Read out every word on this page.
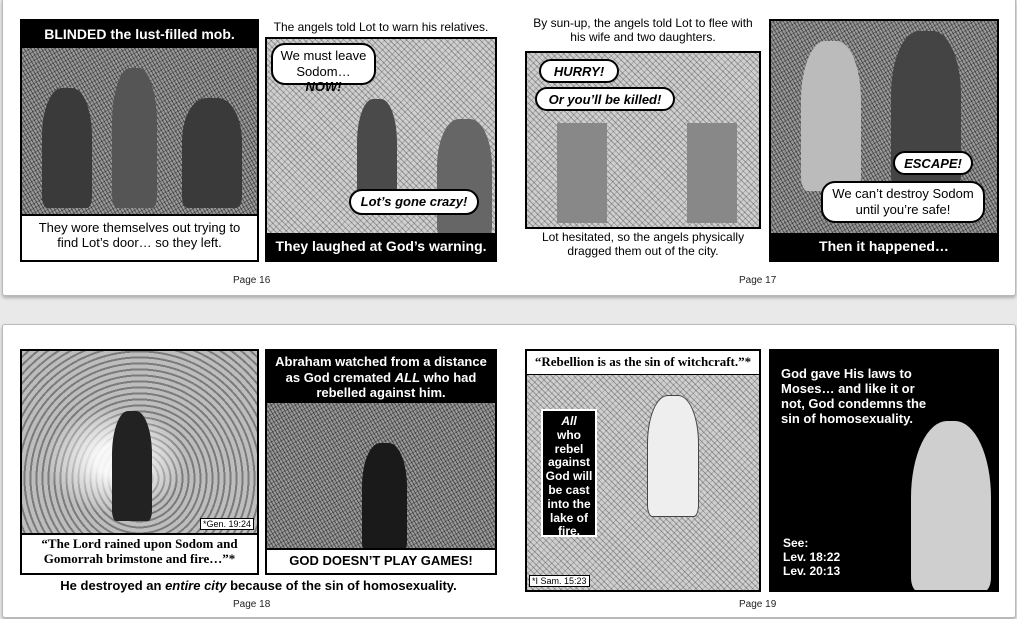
BLINDED the lust-filled mob.
They wore themselves out trying to find Lot’s door… so they left.
The angels told Lot to warn his relatives.
We must leave Sodom… NOW!
Lot’s gone crazy!
They laughed at God’s warning.
By sun-up, the angels told Lot to flee with his wife and two daughters.
HURRY!
Or you’ll be killed!
Lot hesitated, so the angels physically dragged them out of the city.
ESCAPE!
We can’t destroy Sodom until you’re safe!
Then it happened…
Page 16	Page 17
*Gen. 19:24
“The Lord rained upon Sodom and Gomorrah brimstone and fire…”*
Abraham watched from a distance as God cremated ALL who had rebelled against him.
GOD DOESN’T PLAY GAMES!
He destroyed an entire city because of the sin of homosexuality.
“Rebellion is as the sin of witchcraft.”*
All
who rebel against God will be cast into the lake of fire.
*I Sam. 15:23
God gave His laws to Moses… and like it or not, God condemns the sin of homosexuality.
See:
Lev. 18:22
Lev. 20:13
Page 18	Page 19
